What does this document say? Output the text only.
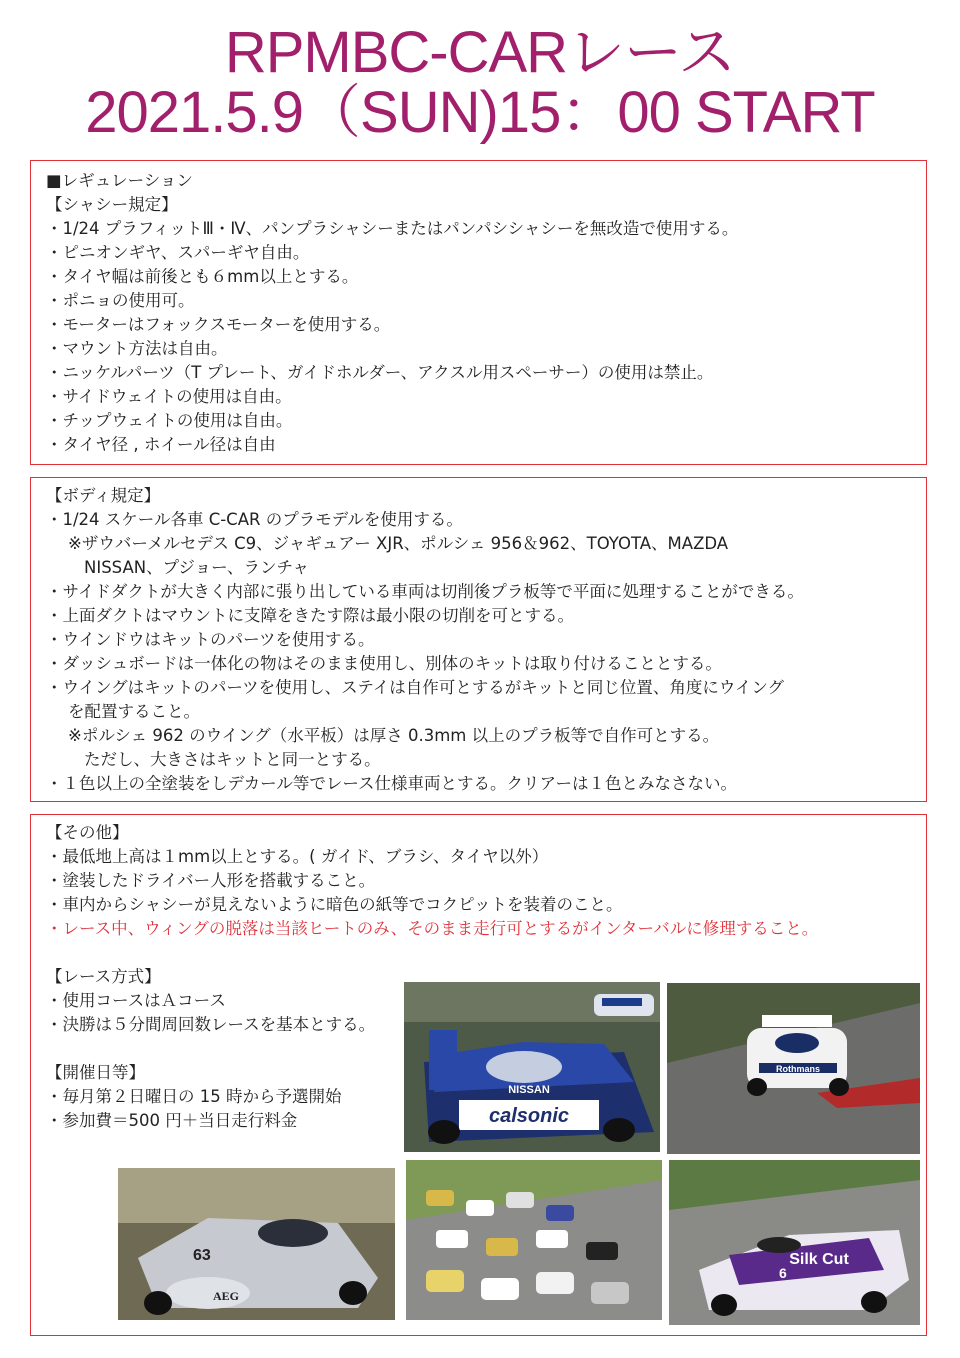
RPMBC-CARレース
2021.5.9（SUN)15：00 START
■レギュレーション
【シャシー規定】
・1/24 プラフィットⅢ・Ⅳ、パンプラシャシーまたはパンパシシャシーを無改造で使用する。
・ピニオンギヤ、スパーギヤ自由。
・タイヤ幅は前後とも６mm以上とする。
・ポニョの使用可。
・モーターはフォックスモーターを使用する。
・マウント方法は自由。
・ニッケルパーツ（T プレート、ガイドホルダー、アクスル用スペーサー）の使用は禁止。
・サイドウェイトの使用は自由。
・チップウェイトの使用は自由。
・タイヤ径 , ホイール径は自由
【ボディ規定】
・1/24 スケール各車 C-CAR のプラモデルを使用する。
※ザウバーメルセデス C9、ジャギュアー XJR、ポルシェ 956＆962、TOYOTA、MAZDA
NISSAN、プジョー、ランチャ
・サイドダクトが大きく内部に張り出している車両は切削後プラ板等で平面に処理することができる。
・上面ダクトはマウントに支障をきたす際は最小限の切削を可とする。
・ウインドウはキットのパーツを使用する。
・ダッシュボードは一体化の物はそのまま使用し、別体のキットは取り付けることとする。
・ウイングはキットのパーツを使用し、ステイは自作可とするがキットと同じ位置、角度にウイング
を配置すること。
※ポルシェ 962 のウイング（水平板）は厚さ 0.3mm 以上のプラ板等で自作可とする。
ただし、大きさはキットと同一とする。
・１色以上の全塗装をしデカール等でレース仕様車両とする。クリアーは１色とみなさない。
【その他】
・最低地上高は１mm以上とする。( ガイド、ブラシ、タイヤ以外）
・塗装したドライバー人形を搭載すること。
・車内からシャシーが見えないように暗色の紙等でコクピットを装着のこと。
・レース中、ウィングの脱落は当該ヒートのみ、そのまま走行可とするがインターバルに修理すること。
【レース方式】
・使用コースはＡコース
・決勝は５分間周回数レースを基本とする。
【開催日等】
・毎月第２日曜日の 15 時から予選開始
・参加費＝500 円＋当日走行料金
NISSAN
calsonic
Rothmans
63
AEG
Silk Cut
6
